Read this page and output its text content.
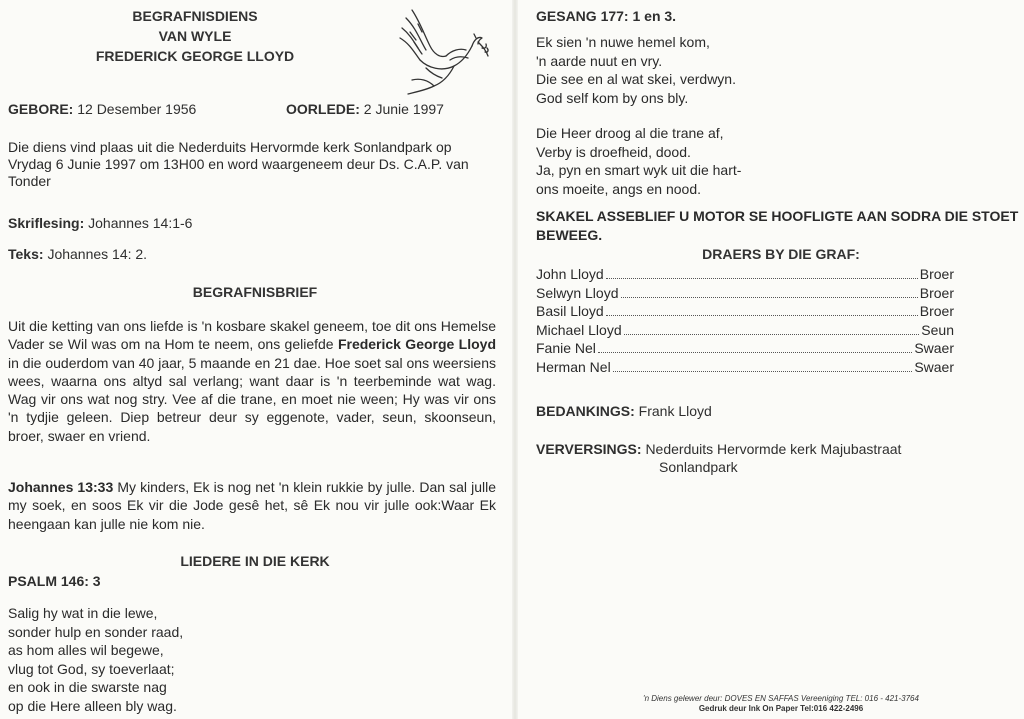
BEGRAFNISDIENS
VAN WYLE
FREDERICK GEORGE LLOYD
GEBORE: 12 Desember 1956	OORLEDE: 2 Junie 1997
Die diens vind plaas uit die Nederduits Hervormde kerk Sonlandpark op Vrydag 6 Junie 1997 om 13H00 en word waargeneem deur Ds. C.A.P. van Tonder
Skriflesing: Johannes 14:1-6
Teks: Johannes 14: 2.
BEGRAFNISBRIEF
Uit die ketting van ons liefde is 'n kosbare skakel geneem, toe dit ons Hemelse Vader se Wil was om na Hom te neem, ons geliefde Frederick George Lloyd in die ouderdom van 40 jaar, 5 maande en 21 dae. Hoe soet sal ons weersiens wees, waarna ons altyd sal verlang; want daar is 'n teerbeminde wat wag. Wag vir ons wat nog stry. Vee af die trane, en moet nie ween; Hy was vir ons 'n tydjie geleen. Diep betreur deur sy eggenote, vader, seun, skoonseun, broer, swaer en vriend.
Johannes 13:33 My kinders, Ek is nog net 'n klein rukkie by julle. Dan sal julle my soek, en soos Ek vir die Jode gesê het, sê Ek nou vir julle ook:Waar Ek heengaan kan julle nie kom nie.
LIEDERE IN DIE KERK
PSALM 146: 3
Salig hy wat in die lewe,
sonder hulp en sonder raad,
as hom alles wil begewe,
vlug tot God, sy toeverlaat;
en ook in die swarste nag
op die Here alleen bly wag.
GESANG 177: 1 en 3.
Ek sien 'n nuwe hemel kom,
'n aarde nuut en vry.
Die see en al wat skei, verdwyn.
God self kom by ons bly.
Die Heer droog al die trane af,
Verby is droefheid, dood.
Ja, pyn en smart wyk uit die hart-
ons moeite, angs en nood.
SKAKEL ASSEBLIEF U MOTOR SE HOOFLIGTE AAN SODRA DIE STOET BEWEEG.
DRAERS BY DIE GRAF:
John Lloyd	Broer
Selwyn Lloyd	Broer
Basil Lloyd	Broer
Michael Lloyd	Seun
Fanie Nel	Swaer
Herman Nel	Swaer
BEDANKINGS: Frank Lloyd
VERVERSINGS: Nederduits Hervormde kerk Majubastraat
Sonlandpark
'n Diens gelewer deur: DOVES EN SAFFAS Vereeniging TEL: 016 - 421-3764
Gedruk deur Ink On Paper Tel:016 422-2496
